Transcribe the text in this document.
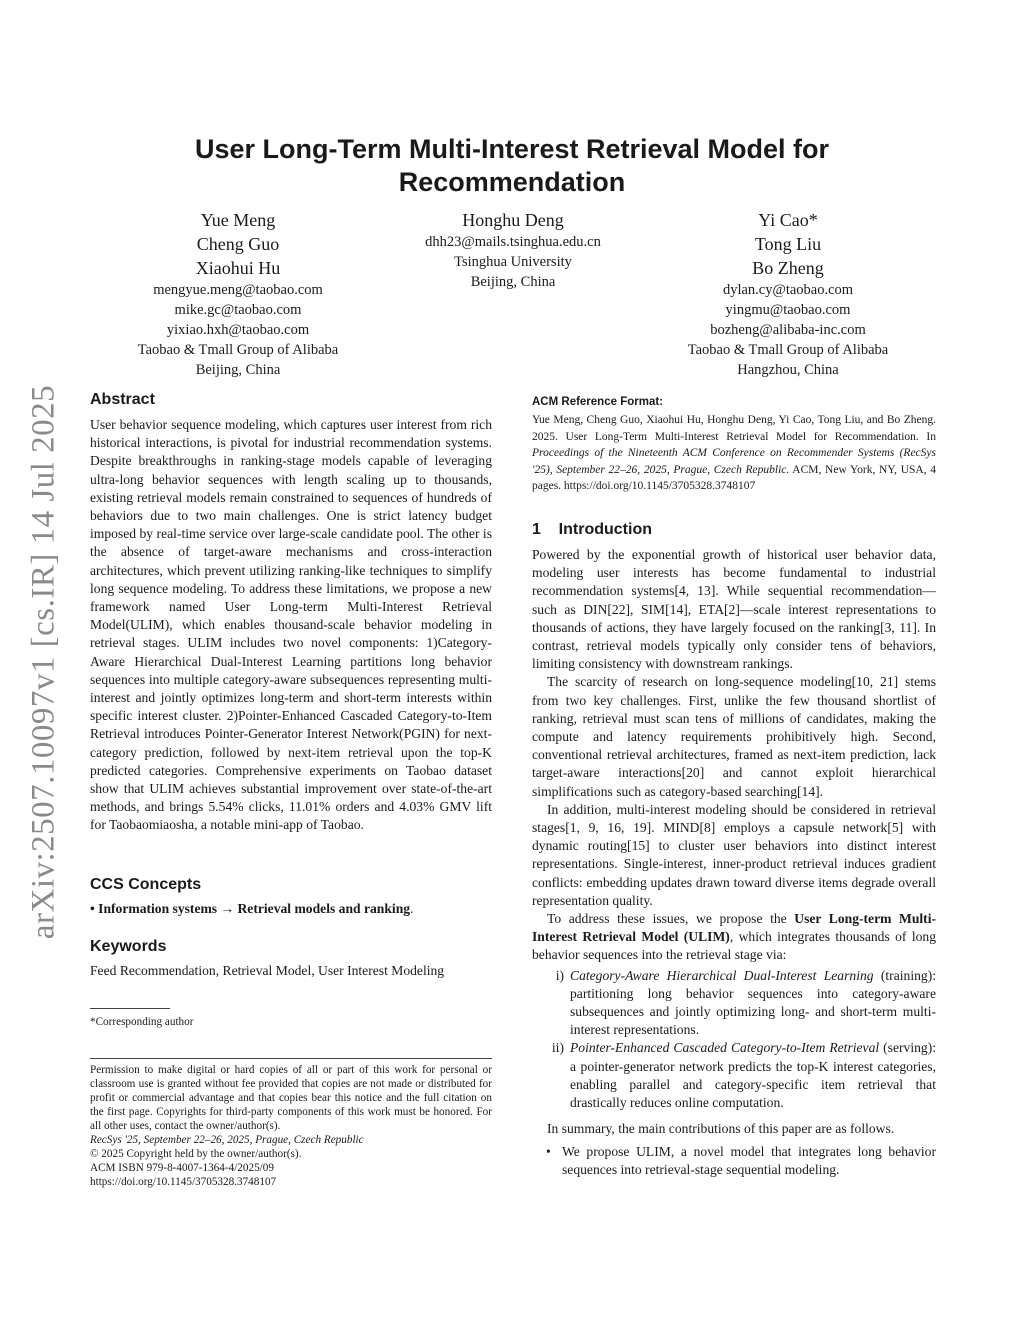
arXiv:2507.10097v1 [cs.IR] 14 Jul 2025
User Long-Term Multi-Interest Retrieval Model for
Recommendation
Yue Meng
Cheng Guo
Xiaohui Hu
mengyue.meng@taobao.com
mike.gc@taobao.com
yixiao.hxh@taobao.com
Taobao & Tmall Group of Alibaba
Beijing, China
Honghu Deng
dhh23@mails.tsinghua.edu.cn
Tsinghua University
Beijing, China
Yi Cao*
Tong Liu
Bo Zheng
dylan.cy@taobao.com
yingmu@taobao.com
bozheng@alibaba-inc.com
Taobao & Tmall Group of Alibaba
Hangzhou, China
Abstract
User behavior sequence modeling, which captures user interest from rich historical interactions, is pivotal for industrial recommendation systems. Despite breakthroughs in ranking-stage models capable of leveraging ultra-long behavior sequences with length scaling up to thousands, existing retrieval models remain constrained to sequences of hundreds of behaviors due to two main challenges. One is strict latency budget imposed by real-time service over large-scale candidate pool. The other is the absence of target-aware mechanisms and cross-interaction architectures, which prevent utilizing ranking-like techniques to simplify long sequence modeling. To address these limitations, we propose a new framework named User Long-term Multi-Interest Retrieval Model(ULIM), which enables thousand-scale behavior modeling in retrieval stages. ULIM includes two novel components: 1)Category-Aware Hierarchical Dual-Interest Learning partitions long behavior sequences into multiple category-aware subsequences representing multi-interest and jointly optimizes long-term and short-term interests within specific interest cluster. 2)Pointer-Enhanced Cascaded Category-to-Item Retrieval introduces Pointer-Generator Interest Network(PGIN) for next-category prediction, followed by next-item retrieval upon the top-K predicted categories. Comprehensive experiments on Taobao dataset show that ULIM achieves substantial improvement over state-of-the-art methods, and brings 5.54% clicks, 11.01% orders and 4.03% GMV lift for Taobaomiaosha, a notable mini-app of Taobao.
CCS Concepts
• Information systems → Retrieval models and ranking.
Keywords
Feed Recommendation, Retrieval Model, User Interest Modeling
*Corresponding author
Permission to make digital or hard copies of all or part of this work for personal or classroom use is granted without fee provided that copies are not made or distributed for profit or commercial advantage and that copies bear this notice and the full citation on the first page. Copyrights for third-party components of this work must be honored. For all other uses, contact the owner/author(s).
RecSys '25, September 22–26, 2025, Prague, Czech Republic
© 2025 Copyright held by the owner/author(s).
ACM ISBN 979-8-4007-1364-4/2025/09
https://doi.org/10.1145/3705328.3748107
ACM Reference Format:
Yue Meng, Cheng Guo, Xiaohui Hu, Honghu Deng, Yi Cao, Tong Liu, and Bo Zheng. 2025. User Long-Term Multi-Interest Retrieval Model for Recommendation. In Proceedings of the Nineteenth ACM Conference on Recommender Systems (RecSys '25), September 22–26, 2025, Prague, Czech Republic. ACM, New York, NY, USA, 4 pages. https://doi.org/10.1145/3705328.3748107
1    Introduction

Powered by the exponential growth of historical user behavior data, modeling user interests has become fundamental to industrial recommendation systems[4, 13]. While sequential recommendation—such as DIN[22], SIM[14], ETA[2]—scale interest representations to thousands of actions, they have largely focused on the ranking[3, 11]. In contrast, retrieval models typically only consider tens of behaviors, limiting consistency with downstream rankings.

The scarcity of research on long-sequence modeling[10, 21] stems from two key challenges. First, unlike the few thousand shortlist of ranking, retrieval must scan tens of millions of candidates, making the compute and latency requirements prohibitively high. Second, conventional retrieval architectures, framed as next-item prediction, lack target-aware interactions[20] and cannot exploit hierarchical simplifications such as category-based searching[14].

In addition, multi-interest modeling should be considered in retrieval stages[1, 9, 16, 19]. MIND[8] employs a capsule network[5] with dynamic routing[15] to cluster user behaviors into distinct interest representations. Single-interest, inner-product retrieval induces gradient conflicts: embedding updates drawn toward diverse items degrade overall representation quality.

To address these issues, we propose the User Long-term Multi-Interest Retrieval Model (ULIM), which integrates thousands of long behavior sequences into the retrieval stage via:

i) Category-Aware Hierarchical Dual-Interest Learning (training): partitioning long behavior sequences into category-aware subsequences and jointly optimizing long- and short-term multi-interest representations.
ii) Pointer-Enhanced Cascaded Category-to-Item Retrieval (serving): a pointer-generator network predicts the top-K interest categories, enabling parallel and category-specific item retrieval that drastically reduces online computation.

In summary, the main contributions of this paper are as follows.

• We propose ULIM, a novel model that integrates long behavior sequences into retrieval-stage sequential modeling.
